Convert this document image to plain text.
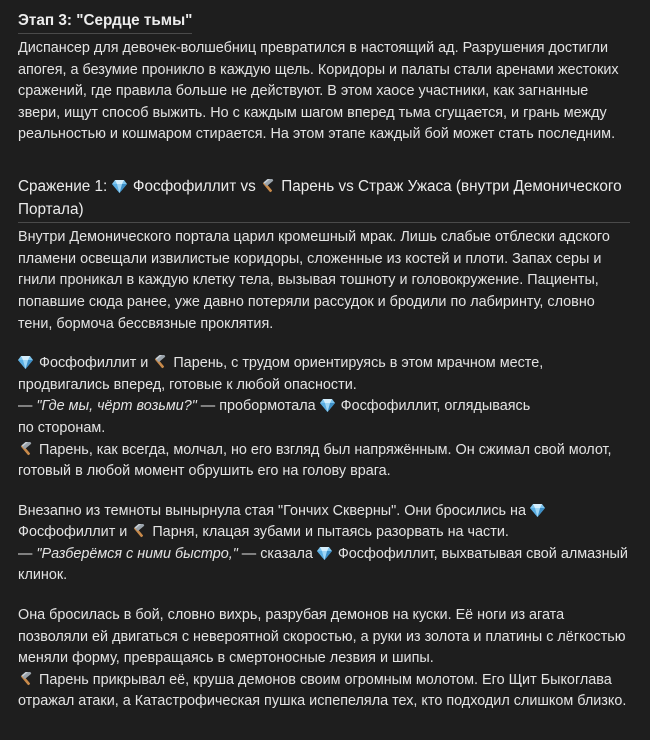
Этап 3: "Сердце тьмы"

Диспансер для девочек-волшебниц превратился в настоящий ад. Разрушения достигли апогея, а безумие проникло в каждую щель. Коридоры и палаты стали аренами жестоких сражений, где правила больше не действуют. В этом хаосе участники, как загнанные звери, ищут способ выжить. Но с каждым шагом вперед тьма сгущается, и грань между реальностью и кошмаром стирается. На этом этапе каждый бой может стать последним.

Сражение 1:
Фосфофиллит vs
Парень vs Страж Ужаса (внутри Демонического Портала)

Внутри Демонического портала царил кромешный мрак. Лишь слабые отблески адского пламени освещали извилистые коридоры, сложенные из костей и плоти. Запах серы и гнили проникал в каждую клетку тела, вызывая тошноту и головокружение. Пациенты, попавшие сюда ранее, уже давно потеряли рассудок и бродили по лабиринту, словно тени, бормоча бессвязные проклятия.

Фосфофиллит и
Парень, с трудом ориентируясь в этом мрачном месте, продвигались вперед, готовые к любой опасности.
— "Где мы, чёрт возьми?" — пробормотала
Фосфофиллит, оглядываясь
по сторонам.
Парень, как всегда, молчал, но его взгляд был напряжённым. Он сжимал свой молот, готовый в любой момент обрушить его на голову врага.

Внезапно из темноты вынырнула стая "Гончих Скверны". Они бросились на
Фосфофиллит и
Парня, клацая зубами и пытаясь разорвать на части.
— "Разберёмся с ними быстро," — сказала
Фосфофиллит, выхватывая свой алмазный клинок.

Она бросилась в бой, словно вихрь, разрубая демонов на куски. Её ноги из агата позволяли ей двигаться с невероятной скоростью, а руки из золота и платины с лёгкостью меняли форму, превращаясь в смертоносные лезвия и шипы.
Парень прикрывал её, круша демонов своим огромным молотом. Его Щит Быкоглава отражал атаки, а Катастрофическая пушка испепеляла тех, кто подходил слишком близко.
